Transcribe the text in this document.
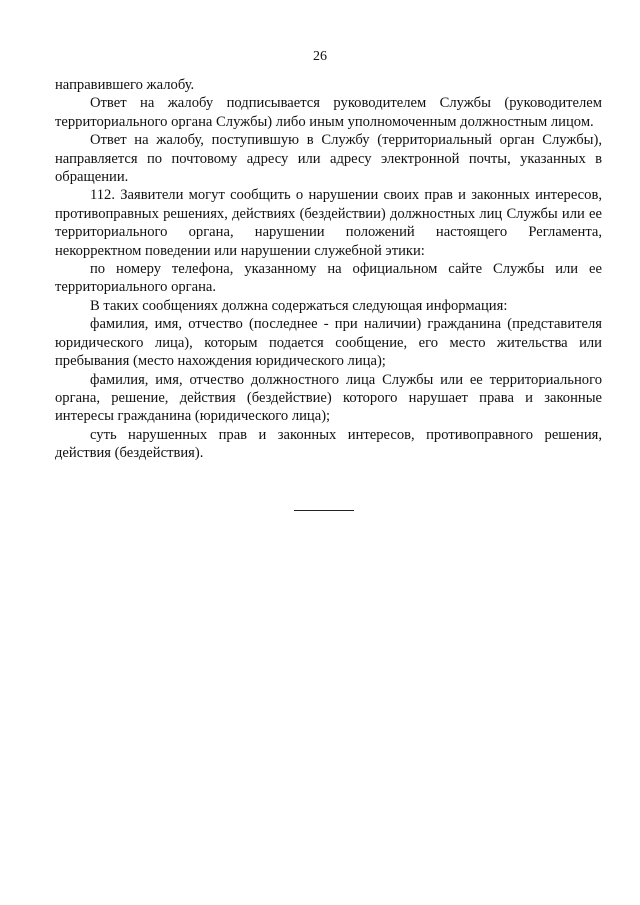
26

направившего жалобу.

Ответ на жалобу подписывается руководителем Службы (руководителем территориального органа Службы) либо иным уполномоченным должностным лицом.

Ответ на жалобу, поступившую в Службу (территориальный орган Службы), направляется по почтовому адресу или адресу электронной почты, указанных в обращении.

112. Заявители могут сообщить о нарушении своих прав и законных интересов, противоправных решениях, действиях (бездействии) должностных лиц Службы или ее территориального органа, нарушении положений настоящего Регламента, некорректном поведении или нарушении служебной этики:

по номеру телефона, указанному на официальном сайте Службы или ее территориального органа.

В таких сообщениях должна содержаться следующая информация:

фамилия, имя, отчество (последнее - при наличии) гражданина (представителя юридического лица), которым подается сообщение, его место жительства или пребывания (место нахождения юридического лица);

фамилия, имя, отчество должностного лица Службы или ее территориального органа, решение, действия (бездействие) которого нарушает права и законные интересы гражданина (юридического лица);

суть нарушенных прав и законных интересов, противоправного решения, действия (бездействия).
